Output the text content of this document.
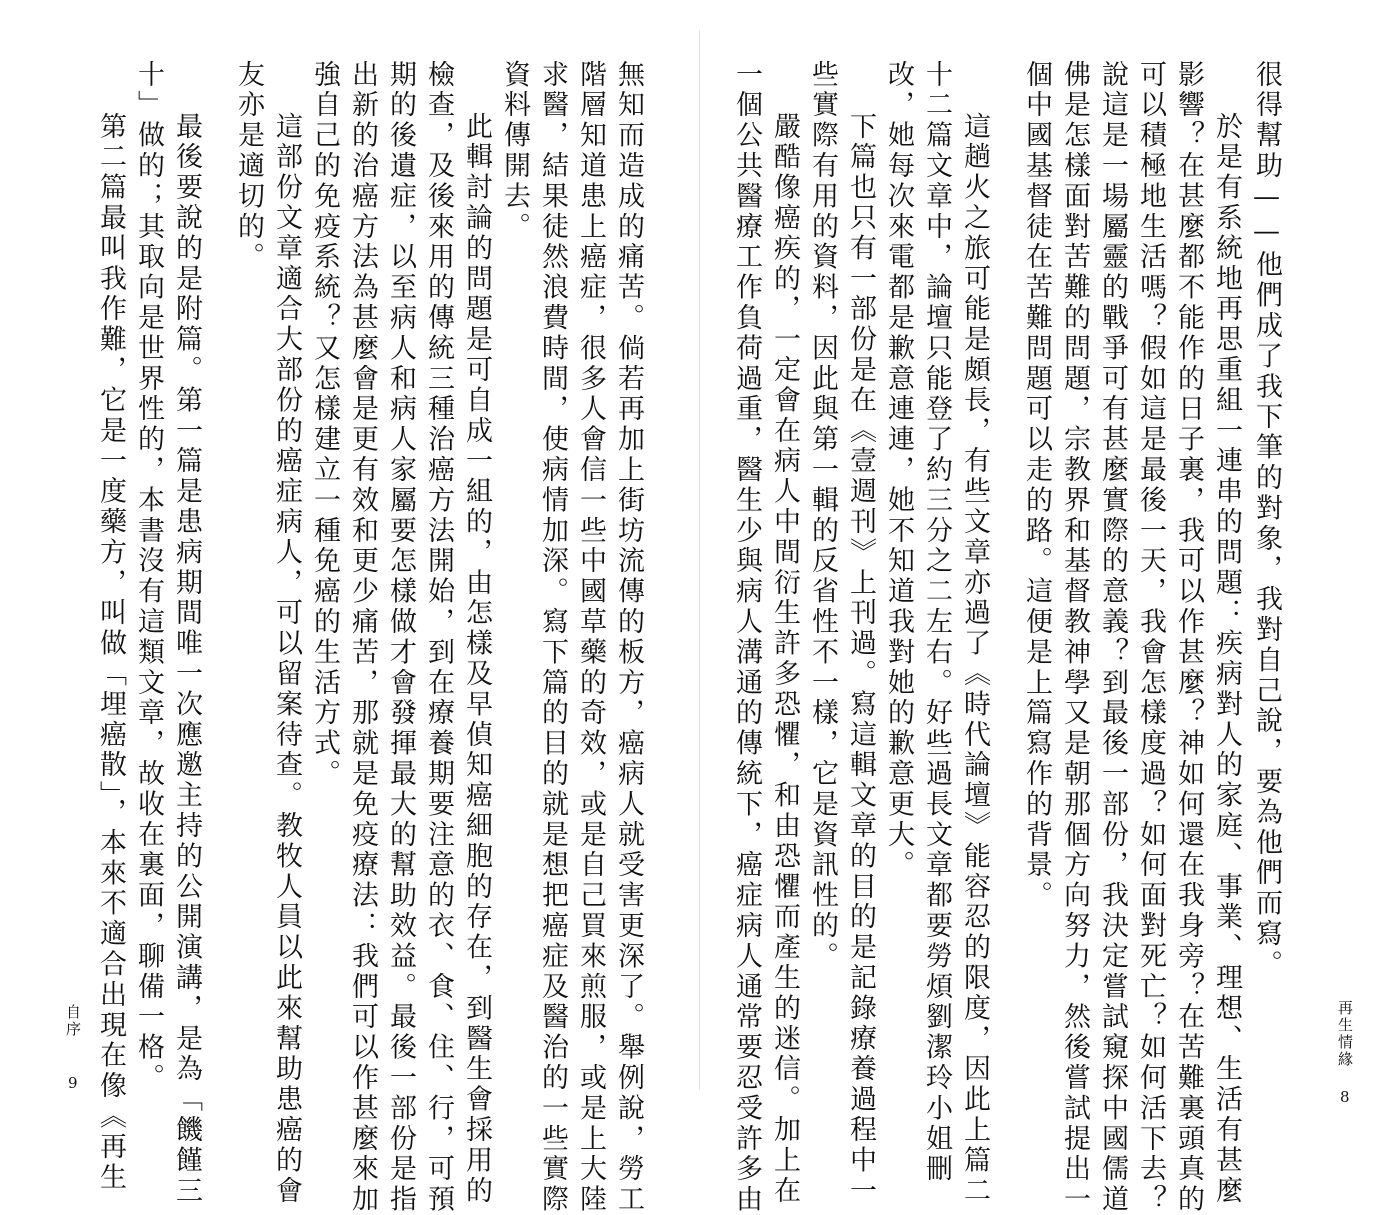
很得幫助——他們成了我下筆的對象，我對自己說，要為他們而寫。
於是有系統地再思重組一連串的問題：疾病對人的家庭、事業、理想、生活有甚麼
影響？在甚麼都不能作的日子裏，我可以作甚麼？神如何還在我身旁？在苦難裏頭真的
可以積極地生活嗎？假如這是最後一天，我會怎樣度過？如何面對死亡？如何活下去？
說這是一場屬靈的戰爭可有甚麼實際的意義？到最後一部份，我決定嘗試窺探中國儒道
佛是怎樣面對苦難的問題，宗教界和基督教神學又是朝那個方向努力，然後嘗試提出一
個中國基督徒在苦難問題可以走的路。這便是上篇寫作的背景。
這趟火之旅可能是頗長，有些文章亦過了《時代論壇》能容忍的限度，因此上篇二
十二篇文章中，論壇只能登了約三分之二左右。好些過長文章都要勞煩劉潔玲小姐刪
改，她每次來電都是歉意連連，她不知道我對她的歉意更大。
下篇也只有一部份是在《壹週刊》上刊過。寫這輯文章的目的是記錄療養過程中一
些實際有用的資料，因此與第一輯的反省性不一樣，它是資訊性的。
嚴酷像癌疾的，一定會在病人中間衍生許多恐懼，和由恐懼而產生的迷信。加上在
一個公共醫療工作負荷過重，醫生少與病人溝通的傳統下，癌症病人通常要忍受許多由	再生情緣
8
無知而造成的痛苦。倘若再加上街坊流傳的板方，癌病人就受害更深了。舉例說，勞工
階層知道患上癌症，很多人會信一些中國草藥的奇效，或是自己買來煎服，或是上大陸
求醫，結果徒然浪費時間，使病情加深。寫下篇的目的就是想把癌症及醫治的一些實際
資料傳開去。
此輯討論的問題是可自成一組的，由怎樣及早偵知癌細胞的存在，到醫生會採用的
檢查，及後來用的傳統三種治癌方法開始，到在療養期要注意的衣、食、住、行，可預
期的後遺症，以至病人和病人家屬要怎樣做才會發揮最大的幫助效益。最後一部份是指
出新的治癌方法為甚麼會是更有效和更少痛苦，那就是免疫療法：我們可以作甚麼來加
強自己的免疫系統？又怎樣建立一種免癌的生活方式。
這部份文章適合大部份的癌症病人，可以留案待查。教牧人員以此來幫助患癌的會
友亦是適切的。
最後要說的是附篇。第一篇是患病期間唯一次應邀主持的公開演講，是為「饑饉三
十」做的；其取向是世界性的，本書沒有這類文章，故收在裏面，聊備一格。
第二篇最叫我作難，它是一度藥方，叫做「埋癌散」，本來不適合出現在像《再生
自序
9
